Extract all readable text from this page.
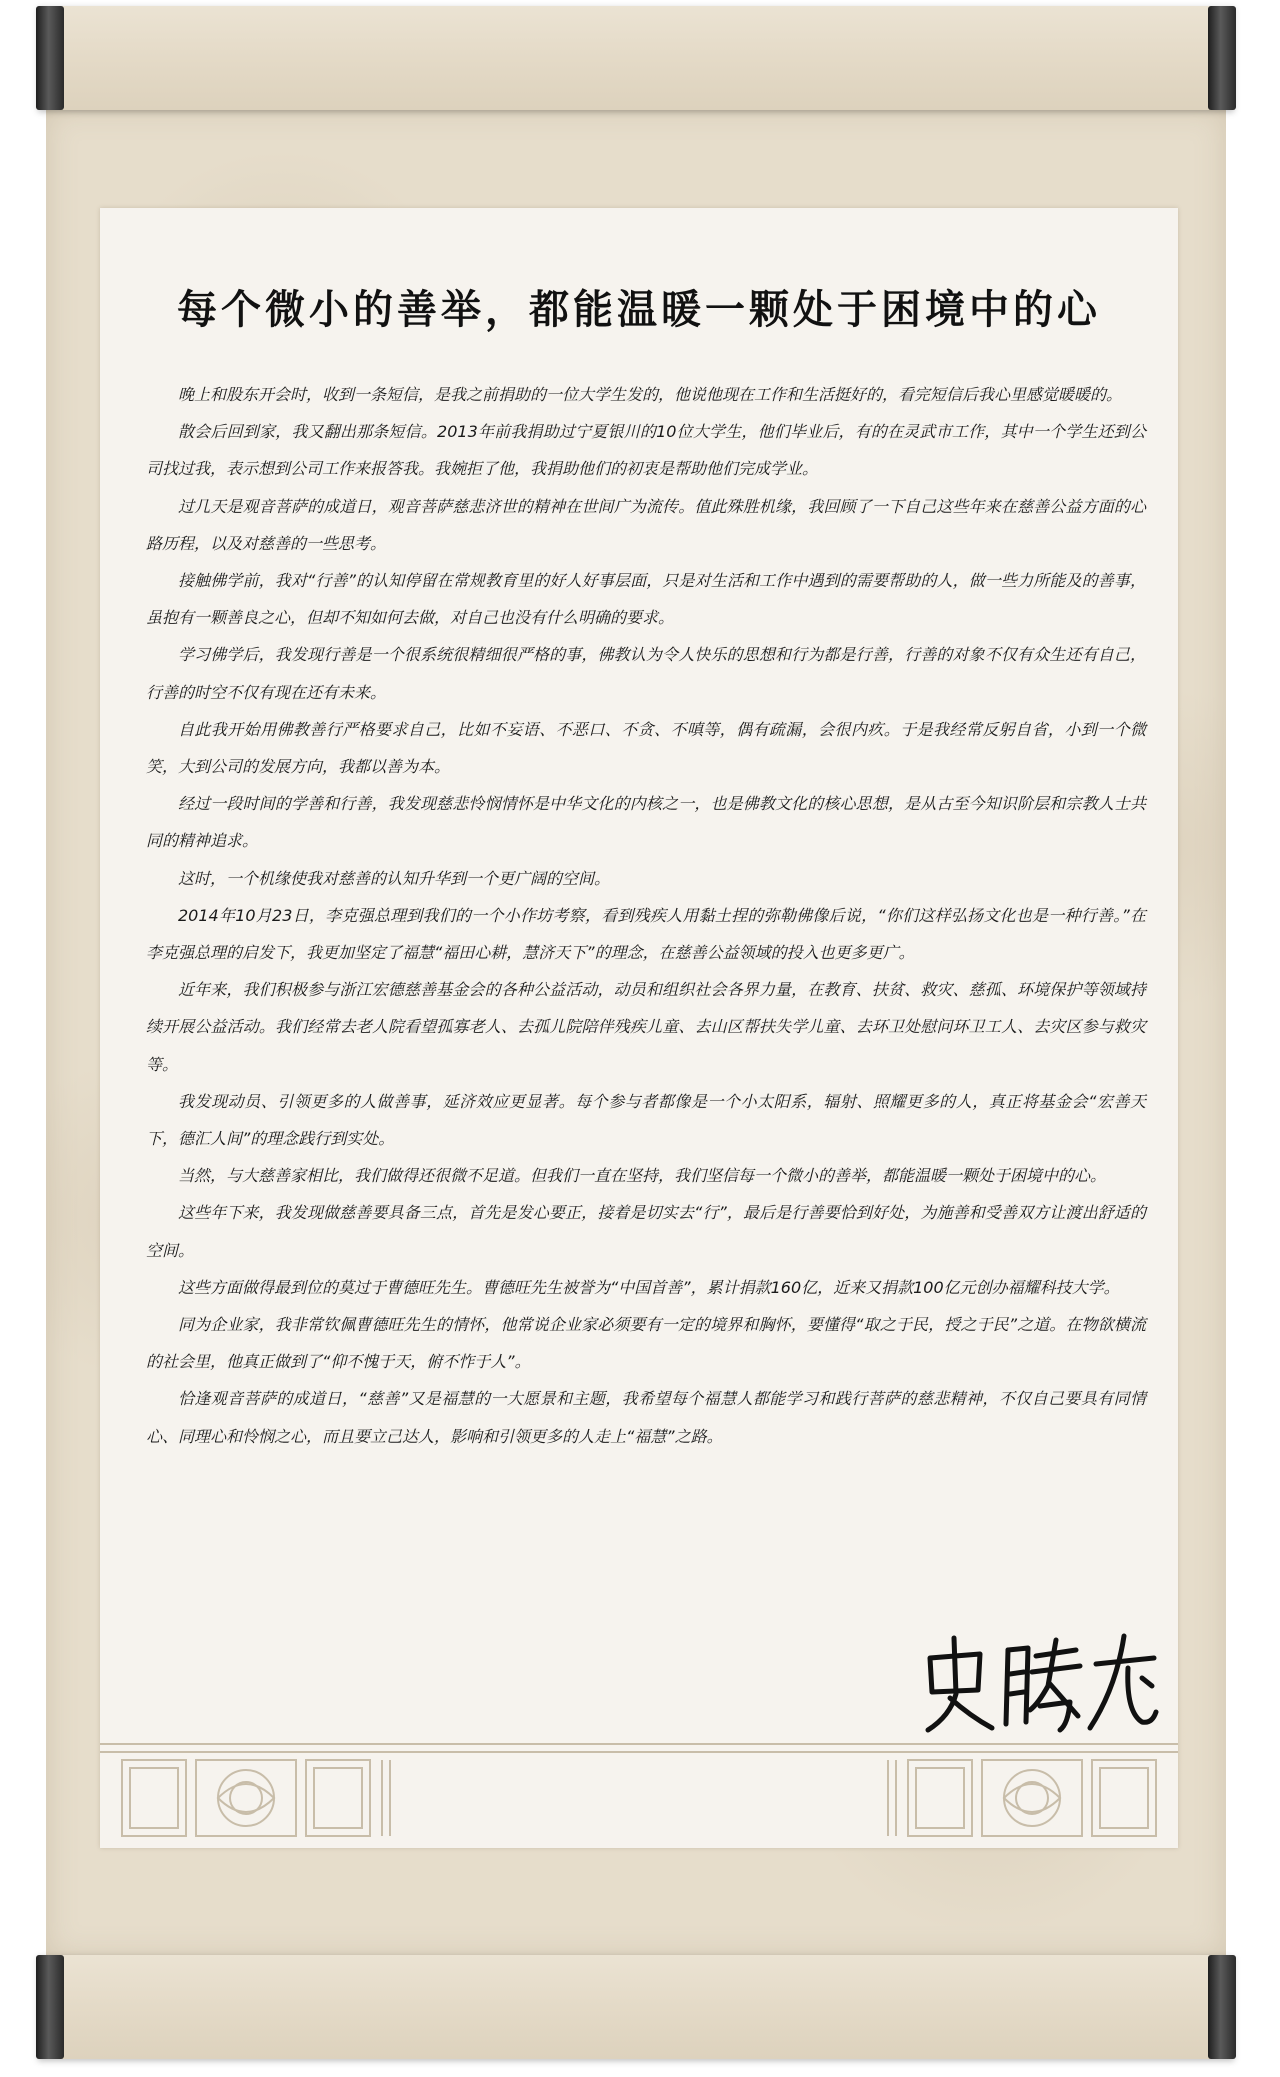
每个微小的善举，都能温暖一颗处于困境中的心

晚上和股东开会时，收到一条短信，是我之前捐助的一位大学生发的，他说他现在工作和生活挺好的，看完短信后我心里感觉暖暖的。

散会后回到家，我又翻出那条短信。2013年前我捐助过宁夏银川的10位大学生，他们毕业后，有的在灵武市工作，其中一个学生还到公司找过我，表示想到公司工作来报答我。我婉拒了他，我捐助他们的初衷是帮助他们完成学业。

过几天是观音菩萨的成道日，观音菩萨慈悲济世的精神在世间广为流传。值此殊胜机缘，我回顾了一下自己这些年来在慈善公益方面的心路历程，以及对慈善的一些思考。

接触佛学前，我对“行善”的认知停留在常规教育里的好人好事层面，只是对生活和工作中遇到的需要帮助的人，做一些力所能及的善事，虽抱有一颗善良之心，但却不知如何去做，对自己也没有什么明确的要求。

学习佛学后，我发现行善是一个很系统很精细很严格的事，佛教认为令人快乐的思想和行为都是行善，行善的对象不仅有众生还有自己，行善的时空不仅有现在还有未来。

自此我开始用佛教善行严格要求自己，比如不妄语、不恶口、不贪、不嗔等，偶有疏漏，会很内疚。于是我经常反躬自省，小到一个微笑，大到公司的发展方向，我都以善为本。

经过一段时间的学善和行善，我发现慈悲怜悯情怀是中华文化的内核之一，也是佛教文化的核心思想，是从古至今知识阶层和宗教人士共同的精神追求。

这时，一个机缘使我对慈善的认知升华到一个更广阔的空间。

2014年10月23日，李克强总理到我们的一个小作坊考察，看到残疾人用黏土捏的弥勒佛像后说，“你们这样弘扬文化也是一种行善。”在李克强总理的启发下，我更加坚定了福慧“福田心耕，慧济天下”的理念，在慈善公益领域的投入也更多更广。

近年来，我们积极参与浙江宏德慈善基金会的各种公益活动，动员和组织社会各界力量，在教育、扶贫、救灾、慈孤、环境保护等领域持续开展公益活动。我们经常去老人院看望孤寡老人、去孤儿院陪伴残疾儿童、去山区帮扶失学儿童、去环卫处慰问环卫工人、去灾区参与救灾等。

我发现动员、引领更多的人做善事，延济效应更显著。每个参与者都像是一个小太阳系，辐射、照耀更多的人，真正将基金会“宏善天下，德汇人间”的理念践行到实处。

当然，与大慈善家相比，我们做得还很微不足道。但我们一直在坚持，我们坚信每一个微小的善举，都能温暖一颗处于困境中的心。

这些年下来，我发现做慈善要具备三点，首先是发心要正，接着是切实去“行”，最后是行善要恰到好处，为施善和受善双方让渡出舒适的空间。

这些方面做得最到位的莫过于曹德旺先生。曹德旺先生被誉为“中国首善”，累计捐款160亿，近来又捐款100亿元创办福耀科技大学。

同为企业家，我非常钦佩曹德旺先生的情怀，他常说企业家必须要有一定的境界和胸怀，要懂得“取之于民，授之于民”之道。在物欲横流的社会里，他真正做到了“仰不愧于天，俯不怍于人”。

恰逢观音菩萨的成道日，“慈善”又是福慧的一大愿景和主题，我希望每个福慧人都能学习和践行菩萨的慈悲精神，不仅自己要具有同情心、同理心和怜悯之心，而且要立己达人，影响和引领更多的人走上“福慧”之路。
